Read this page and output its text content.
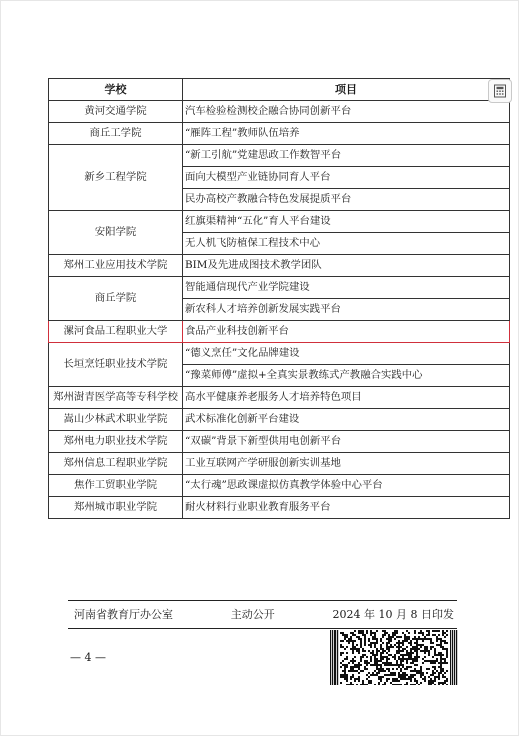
学校	项目
黄河交通学院	汽车检验检测校企融合协同创新平台
商丘工学院	“雁阵工程”教师队伍培养
新乡工程学院	“新工引航”党建思政工作数智平台
	面向大模型产业链协同育人平台
	民办高校产教融合特色发展提质平台
安阳学院	红旗渠精神“五化”育人平台建设
	无人机飞防植保工程技术中心
郑州工业应用技术学院	BIM及先进成图技术教学团队
商丘学院	智能通信现代产业学院建设
	新农科人才培养创新发展实践平台
漯河食品工程职业大学	食品产业科技创新平台
长垣烹饪职业技术学院	“德义烹任”文化品牌建设
	“豫菜师傅”虚拟+全真实景教练式产教融合实践中心
郑州澍青医学高等专科学校	高水平健康养老服务人才培养特色项目
嵩山少林武术职业学院	武术标准化创新平台建设
郑州电力职业技术学院	“双碳”背景下新型供用电创新平台
郑州信息工程职业学院	工业互联网产学研服创新实训基地
焦作工贸职业学院	“太行魂”思政课虚拟仿真教学体验中心平台
郑州城市职业学院	耐火材料行业职业教育服务平台
河南省教育厅办公室	主动公开	2024 年 10 月 8 日印发
— 4 —
